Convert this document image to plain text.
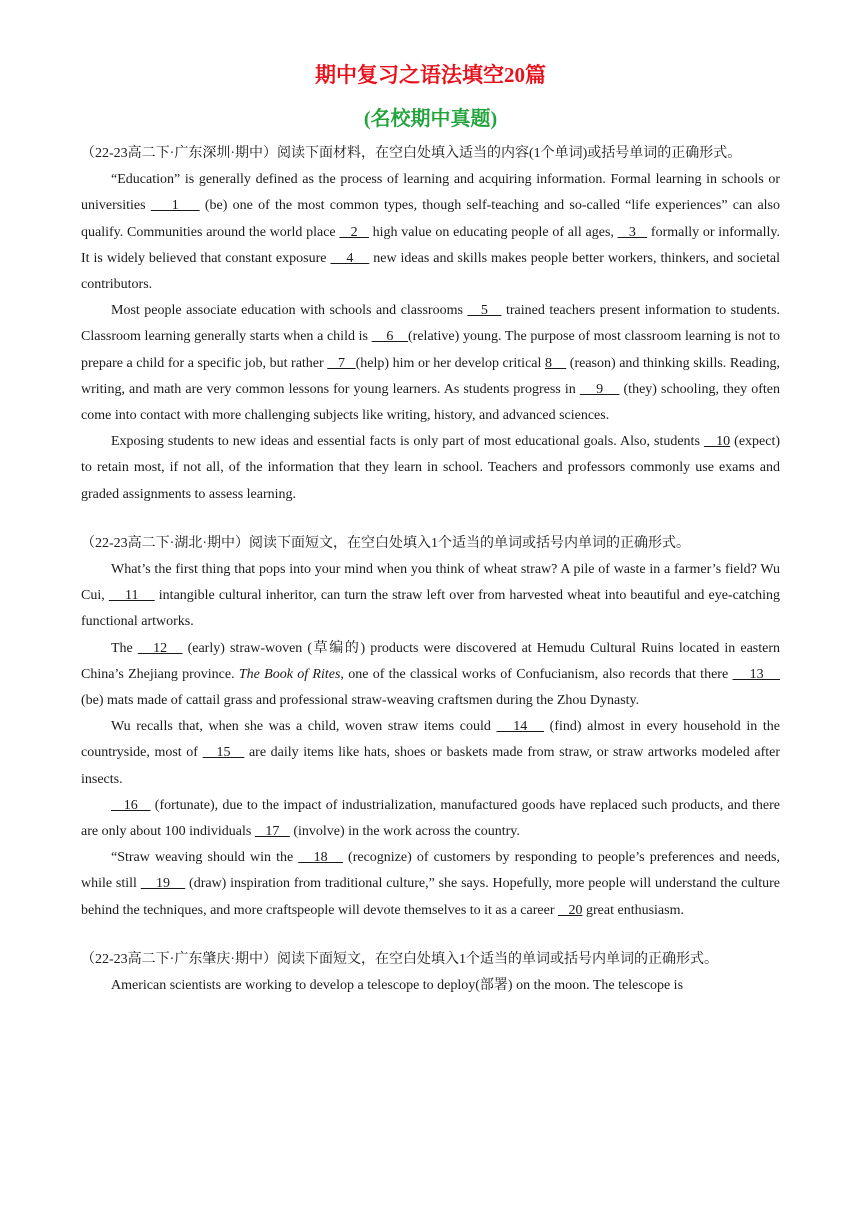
期中复习之语法填空20篇
(名校期中真题)

（22-23高二下·广东深圳·期中）阅读下面材料，在空白处填入适当的内容(1个单词)或括号单词的正确形式。

“Education” is generally defined as the process of learning and acquiring information. Formal learning in schools or universities     1     (be) one of the most common types, though self-teaching and so-called “life experiences” can also qualify. Communities around the world place    2    high value on educating people of all ages,    3    formally or informally. It is widely believed that constant exposure     4     new ideas and skills makes people better workers, thinkers, and societal contributors.

Most people associate education with schools and classrooms    5    trained teachers present information to students. Classroom learning generally starts when a child is     6    (relative) young. The purpose of most classroom learning is not to prepare a child for a specific job, but rather    7   (help) him or her develop critical 8     (reason) and thinking skills. Reading, writing, and math are very common lessons for young learners. As students progress in     9     (they) schooling, they often come into contact with more challenging subjects like writing, history, and advanced sciences.

Exposing students to new ideas and essential facts is only part of most educational goals. Also, students    10 (expect) to retain most, if not all, of the information that they learn in school. Teachers and professors commonly use exams and graded assignments to assess learning.

（22-23高二下·湖北·期中）阅读下面短文，在空白处填入1个适当的单词或括号内单词的正确形式。

What’s the first thing that pops into your mind when you think of wheat straw? A pile of waste in a farmer’s field? Wu Cui,     11     intangible cultural inheritor, can turn the straw left over from harvested wheat into beautiful and eye-catching functional artworks.

The    12    (early) straw-woven (草编的) products were discovered at Hemudu Cultural Ruins located in eastern China’s Zhejiang province. The Book of Rites, one of the classical works of Confucianism, also records that there     13     (be) mats made of cattail grass and professional straw-weaving craftsmen during the Zhou Dynasty.

Wu recalls that, when she was a child, woven straw items could    14    (find) almost in every household in the countryside, most of    15    are daily items like hats, shoes or baskets made from straw, or straw artworks modeled after insects.

16    (fortunate), due to the impact of industrialization, manufactured goods have replaced such products, and there are only about 100 individuals    17    (involve) in the work across the country.

“Straw weaving should win the    18    (recognize) of customers by responding to people’s preferences and needs, while still     19     (draw) inspiration from traditional culture,” she says. Hopefully, more people will understand the culture behind the techniques, and more craftspeople will devote themselves to it as a career    20 great enthusiasm.

（22-23高二下·广东肇庆·期中）阅读下面短文，在空白处填入1个适当的单词或括号内单词的正确形式。

American scientists are working to develop a telescope to deploy(部署) on the moon. The telescope is
